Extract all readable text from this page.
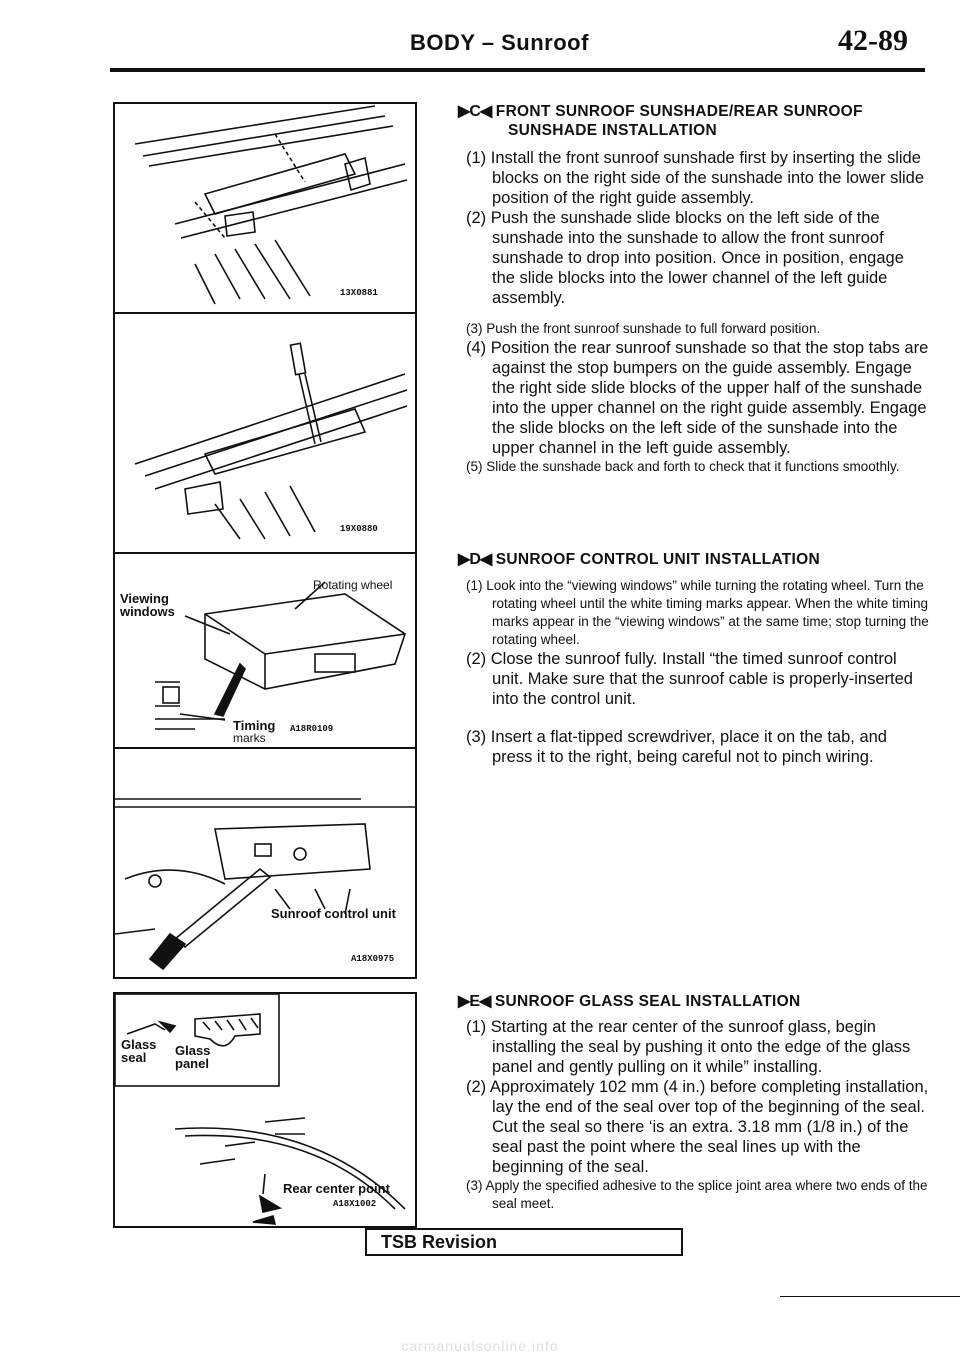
BODY – Sunroof	42-89
13X0881
19X0880
Rotating wheel
Viewing windows
Timing
marks
A18R0109
Sunroof control unit
A18X0975
Glass seal	Glass panel
Rear center point
A18X1002
▶C◀ FRONT SUNROOF SUNSHADE/REAR SUNROOF
SUNSHADE INSTALLATION
(1) Install the front sunroof sunshade first by inserting the slide blocks on the right side of the sunshade into the lower slide position of the right guide assembly.
(2) Push the sunshade slide blocks on the left side of the sunshade into the sunshade to allow the front sunroof sunshade to drop into position. Once in position, engage the slide blocks into the lower channel of the left guide assembly.
(3) Push the front sunroof sunshade to full forward position.
(4) Position the rear sunroof sunshade so that the stop tabs are against the stop bumpers on the guide assembly. Engage the right side slide blocks of the upper half of the sunshade into the upper channel on the right guide assembly. Engage the slide blocks on the left side of the sunshade into the upper channel in the left guide assembly.
(5) Slide the sunshade back and forth to check that it functions smoothly.
▶D◀ SUNROOF CONTROL UNIT INSTALLATION
(1) Look into the “viewing windows” while turning the rotating wheel. Turn the rotating wheel until the white timing marks appear. When the white timing marks appear in the “viewing windows” at the same time; stop turning the rotating wheel.
(2) Close the sunroof fully. Install “the timed sunroof control unit. Make sure that the sunroof cable is properly-inserted into the control unit.
(3) Insert a flat-tipped screwdriver, place it on the tab, and press it to the right, being careful not to pinch wiring.
▶E◀ SUNROOF GLASS SEAL INSTALLATION
(1) Starting at the rear center of the sunroof glass, begin installing the seal by pushing it onto the edge of the glass panel and gently pulling on it while” installing.
(2) Approximately 102 mm (4 in.) before completing installation, lay the end of the seal over top of the beginning of the seal. Cut the seal so there ‘is an extra. 3.18 mm (1/8 in.) of the seal past the point where the seal lines up with the beginning of the seal.
(3) Apply the specified adhesive to the splice joint area where two ends of the seal meet.
TSB Revision
carmanualsonline.info
